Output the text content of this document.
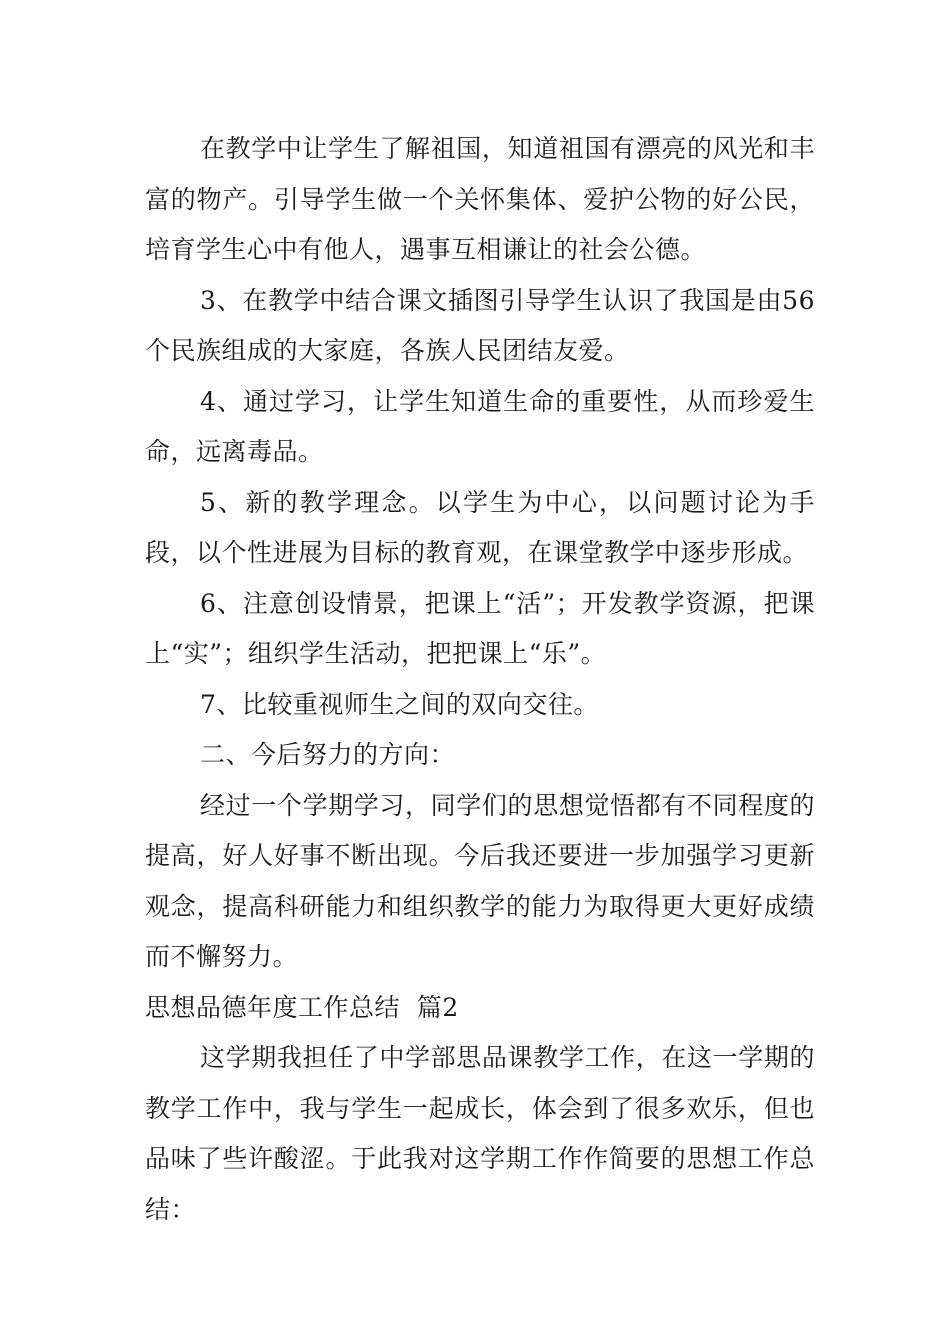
在教学中让学生了解祖国，知道祖国有漂亮的风光和丰富的物产。引导学生做一个关怀集体、爱护公物的好公民，培育学生心中有他人，遇事互相谦让的社会公德。

3、在教学中结合课文插图引导学生认识了我国是由56个民族组成的大家庭，各族人民团结友爱。

4、通过学习，让学生知道生命的重要性，从而珍爱生命，远离毒品。

5、新的教学理念。以学生为中心，以问题讨论为手段，以个性进展为目标的教育观，在课堂教学中逐步形成。

6、注意创设情景，把课上“活”；开发教学资源，把课上“实”；组织学生活动，把把课上“乐”。

7、比较重视师生之间的双向交往。

二、今后努力的方向：

经过一个学期学习，同学们的思想觉悟都有不同程度的提高，好人好事不断出现。今后我还要进一步加强学习更新观念，提高科研能力和组织教学的能力为取得更大更好成绩而不懈努力。

思想品德年度工作总结  篇2

这学期我担任了中学部思品课教学工作，在这一学期的教学工作中，我与学生一起成长，体会到了很多欢乐，但也品味了些许酸涩。于此我对这学期工作作简要的思想工作总结：
